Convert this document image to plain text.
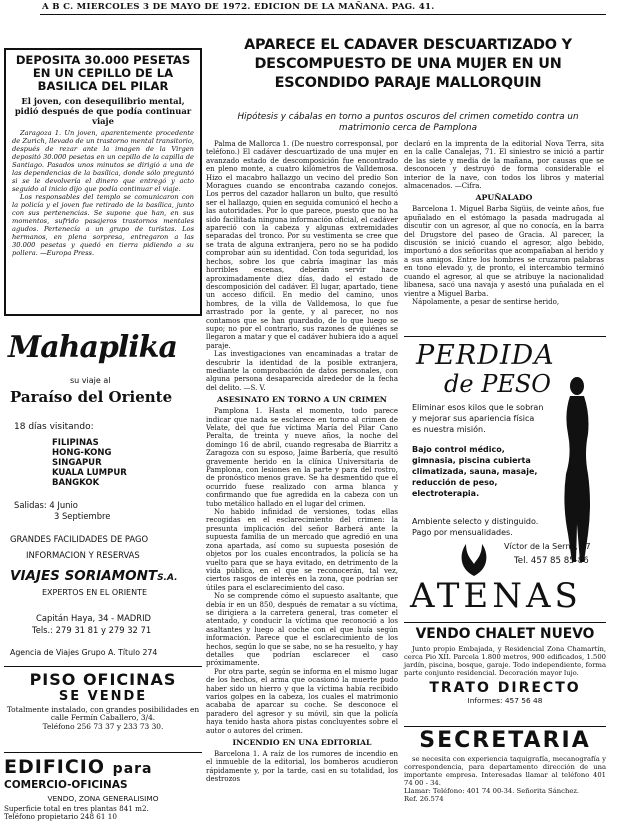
A B C. MIERCOLES 3 DE MAYO DE 1972. EDICION DE LA MAÑANA. PAG. 41.
DEPOSITA 30.000 PESETAS EN UN CEPILLO DE LA BASILICA DEL PILAR
El joven, con desequilibrio mental, pidió después de que podía continuar viaje
Zaragoza 1. Un joven, aparentemente procedente de Zurich, llevado de un trastorno mental transitorio, después de rezar ante la imagen de la Virgen depositó 30.000 pesetas en un cepillo de la capilla de Santiago. Pasados unos minutos se dirigió a una de las dependencias de la basílica, donde sólo preguntó si se le devolvería el dinero que entregó y acto seguido al inicio dijo que podía continuar el viaje.
Los responsables del templo se comunicaron con la policía y el joven fue retirado de la basílica, junto con sus pertenencias. Se supone que han, en sus momentos, sufrido pasajeros trastornos mentales agudos. Pertenecía a un grupo de turistas. Los hermanos, en plena sorpresa, entregaron a las 30.000 pesetas y quedó en tierra pidiendo a su pollera. —Europa Press.
Mahaplika
su viaje al
Paraíso del Oriente
18 días visitando:
FILIPINAS
HONG-KONG
SINGAPUR
KUALA LUMPUR
BANGKOK
Salidas: 4 Junio
3 Septiembre
GRANDES FACILIDADES DE PAGO
INFORMACION Y RESERVAS
VIAJES SORIAMONTS.A.
EXPERTOS EN EL ORIENTE
Capitán Haya, 34 - MADRID
Tels.: 279 31 81 y 279 32 71
Agencia de Viajes Grupo A. Título 274
PISO OFICINAS
SE VENDE
Totalmente instalado, con grandes posibilidades en calle Fermín Caballero, 3/4.
Teléfono 256 73 37 y 233 73 30.
EDIFICIO para
COMERCIO-OFICINAS
VENDO, ZONA GENERALISIMO
Superficie total en tres plantas 841 m2.
Teléfono propietario 248 61 10
APARECE EL CADAVER DESCUARTIZADO Y DESCOMPUESTO DE UNA MUJER EN UN ESCONDIDO PARAJE MALLORQUIN
Hipótesis y cábalas en torno a puntos oscuros del crimen cometido contra un matrimonio cerca de Pamplona
Palma de Mallorca 1. (De nuestro corresponsal, por teléfono.) El cadáver descuartizado de una mujer en avanzado estado de descomposición fue encontrado en pleno monte, a cuatro kilómetros de Valldemosa. Hizo el macabro hallazgo un vecino del predio Son Moragues cuando se encontraba cazando conejos. Los perros del cazador hallaron un bulto, que resultó ser el hallazgo, quien en seguida comunicó el hecho a las autoridades. Por lo que parece, puesto que no ha sido facilitada ninguna información oficial, el cadáver apareció con la cabeza y algunas extremidades separadas del tronco. Por su vestimenta se cree que se trata de alguna extranjera, pero no se ha podido comprobar aún su identidad. Con toda seguridad, los hechos, sobre los que cabría imaginar las más horribles escenas, deberán servir hace aproximadamente diez días, dado el estado de descomposición del cadáver. El lugar, apartado, tiene un acceso difícil. En medio del camino, unos hombres, de la villa de Valldemosa, lo que fue arrastrado por la gente, y al parecer, no nos contamos que se han guardado, de lo que luego se supo; no por el contrario, sus razones de quiénes se llegaron a matar y que el cadáver hubiera ido a aquel paraje.
Las investigaciones van encaminadas a tratar de descubrir la identidad de la posible extranjera, mediante la comprobación de datos personales, con alguna persona desaparecida alrededor de la fecha del delito. —S. V.
ASESINATO EN TORNO A UN CRIMEN
Pamplona 1. Hasta el momento, todo parece indicar que nada se esclarece en torno al crimen de Velate, del que fue víctima María del Pilar Cano Peralta, de treinta y nueve años, la noche del domingo 16 de abril, cuando regresaba de Biarritz a Zaragoza con su esposo, Jaime Barbería, que resultó gravemente herido en la clínica Universitaria de Pamplona, con lesiones en la parte y para del rostro, de pronóstico menos grave. Se ha desmentido que el ocurrido fuese realizado con arma blanca y confirmando que fue agredida en la cabeza con un tubo metálico hallado en el lugar del crimen.
No habido infinidad de versiones, todas ellas recogidas en el esclarecimiento del crimen: la presunta implicación del señor Barberá ante la supuesta familia de un mercado que agredió en una zona apartada, así como su supuesta posesión de objetos por los cuales encontrados, la policía se ha vuelto para que se haya evitado, en detrimento de la vida pública, en el que se reconocerán, tal vez, ciertos rasgos de interés en la zona, que podrían ser útiles para el esclarecimiento del caso.
No se comprende cómo el supuesto asaltante, que debía ir en un 850, después de rematar a su víctima, se dirigiera a la carretera general, tras cometer el atentado, y conducir la víctima que reconoció a los asaltantes y luego al coche con el que huía según información. Parece que el esclarecimiento de los hechos, según lo que se sabe, no se ha resuelto, y hay detalles que podrían esclarecer el caso próximamente.
Por otra parte, según se informa en el mismo lugar de los hechos, el arma que ocasionó la muerte pudo haber sido un hierro y que la víctima había recibido varios golpes en la cabeza, los cuales el matrimonio acababa de aparcar su coche. Se desconoce el paradero del agresor y su móvil, sin que la policía haya tenido hasta ahora pistas concluyentes sobre el autor o autores del crimen.
INCENDIO EN UNA EDITORIAL
Barcelona 1. A raíz de los rumores de incendio en el inmueble de la editorial, los bomberos acudieron rápidamente y, por la tarde, casi en su totalidad, los destrozos
declaró en la imprenta de la editorial Nova Terra, sita en la calle Canalejas, 71. El siniestro se inició a partir de las siete y media de la mañana, por causas que se desconocen y destruyó de forma considerable el interior de la nave, con todos los libros y material almacenados. —Cifra.
APUÑALADO
Barcelona 1. Miguel Barba Sigüis, de veinte años, fue apuñalado en el estómago la pasada madrugada al discutir con un agresor, al que no conocía, en la barra del Drugstore del paseo de Gracia. Al parecer, la discusión se inició cuando el agresor, algo bebido, importunó a dos señoritas que acompañaban al herido y a sus amigos. Entre los hombres se cruzaron palabras en tono elevado y, de pronto, el intercambio terminó cuando el agresor, al que se atribuye la nacionalidad libanesa, sacó una navaja y asestó una puñalada en el vientre a Miguel Barba.
Nápolamente, a pesar de sentirse herido,
PERDIDA
de PESO
Eliminar esos kilos que le sobran y mejorar sus apariencia física es nuestra misión.
Bajo control médico, gimnasia, piscina cubierta climatizada, sauna, masaje, reducción de peso, electroterapia.
Ambiente selecto y distinguido. Pago por mensualidades.
Víctor de la Serna, 37
Tel. 457 85 85-86
ATENAS
VENDO CHALET NUEVO
Junto propio Embajada, y Residencial Zona Chamartín, cerca Pio XII. Parcela 1.800 metros, 900 edificados, 1.500 jardín, piscina, bosque, garaje. Todo independiente, forma parte conjunto residencial. Decoración mayor lujo.
TRATO DIRECTO
Informes: 457 56 48
SECRETARIA
se necesita con experiencia taquigrafía, mecanografía y correspondencia, para departamento dirección de una importante empresa. Interesadas llamar al teléfono 401 74 00 - 34.
Llamar: Teléfono: 401 74 00-34. Señorita Sánchez.
Ref. 26.574
